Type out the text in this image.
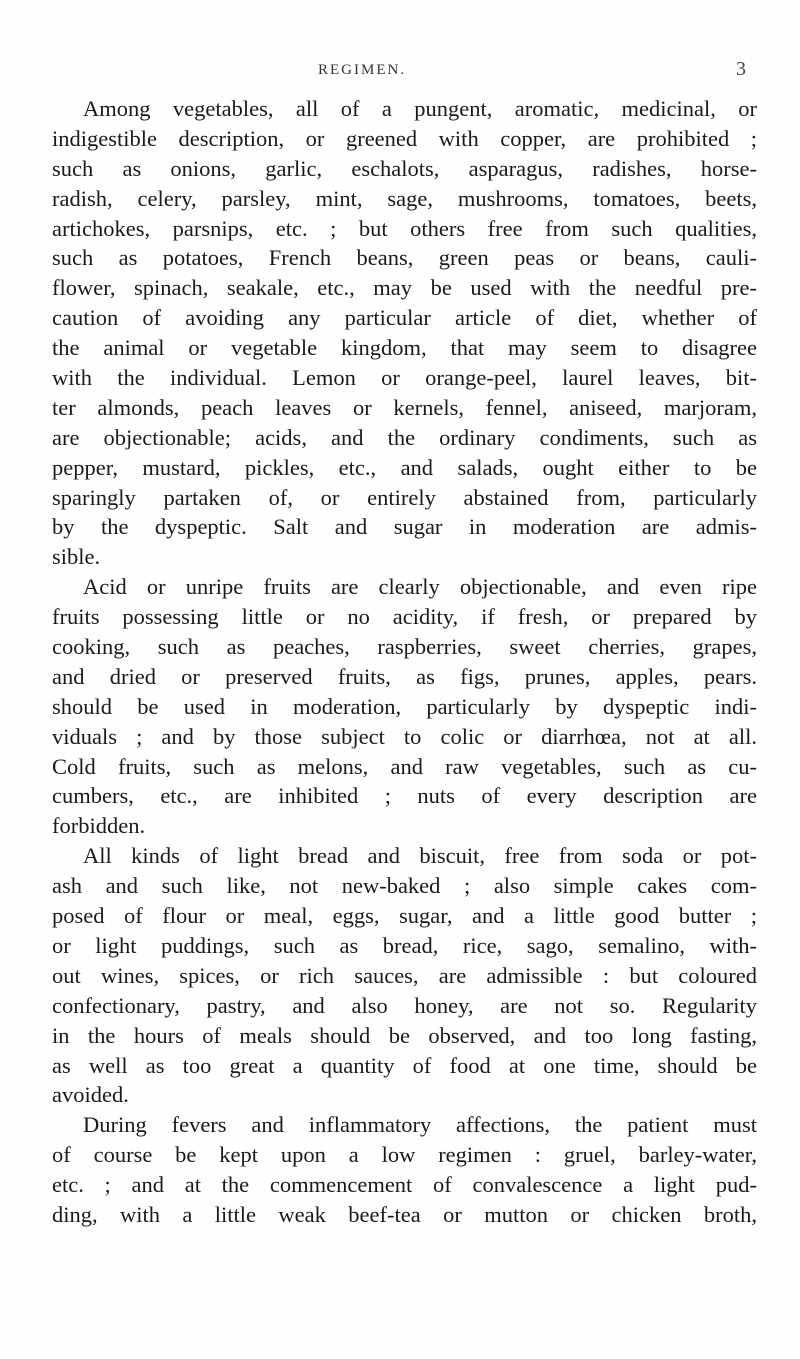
REGIMEN.	3
Among vegetables, all of a pungent, aromatic, medicinal, or
indigestible description, or greened with copper, are prohibited ;
such as onions, garlic, eschalots, asparagus, radishes, horse-
radish, celery, parsley, mint, sage, mushrooms, tomatoes, beets,
artichokes, parsnips, etc. ; but others free from such qualities,
such as potatoes, French beans, green peas or beans, cauli-
flower, spinach, seakale, etc., may be used with the needful pre-
caution of avoiding any particular article of diet, whether of
the animal or vegetable kingdom, that may seem to disagree
with the individual. Lemon or orange-peel, laurel leaves, bit-
ter almonds, peach leaves or kernels, fennel, aniseed, marjoram,
are objectionable; acids, and the ordinary condiments, such as
pepper, mustard, pickles, etc., and salads, ought either to be
sparingly partaken of, or entirely abstained from, particularly
by the dyspeptic. Salt and sugar in moderation are admis-
sible.
Acid or unripe fruits are clearly objectionable, and even ripe
fruits possessing little or no acidity, if fresh, or prepared by
cooking, such as peaches, raspberries, sweet cherries, grapes,
and dried or preserved fruits, as figs, prunes, apples, pears.
should be used in moderation, particularly by dyspeptic indi-
viduals ; and by those subject to colic or diarrhœa, not at all.
Cold fruits, such as melons, and raw vegetables, such as cu-
cumbers, etc., are inhibited ; nuts of every description are
forbidden.
All kinds of light bread and biscuit, free from soda or pot-
ash and such like, not new-baked ; also simple cakes com-
posed of flour or meal, eggs, sugar, and a little good butter ;
or light puddings, such as bread, rice, sago, semalino, with-
out wines, spices, or rich sauces, are admissible : but coloured
confectionary, pastry, and also honey, are not so. Regularity
in the hours of meals should be observed, and too long fasting,
as well as too great a quantity of food at one time, should be
avoided.
During fevers and inflammatory affections, the patient must
of course be kept upon a low regimen : gruel, barley-water,
etc. ; and at the commencement of convalescence a light pud-
ding, with a little weak beef-tea or mutton or chicken broth,
